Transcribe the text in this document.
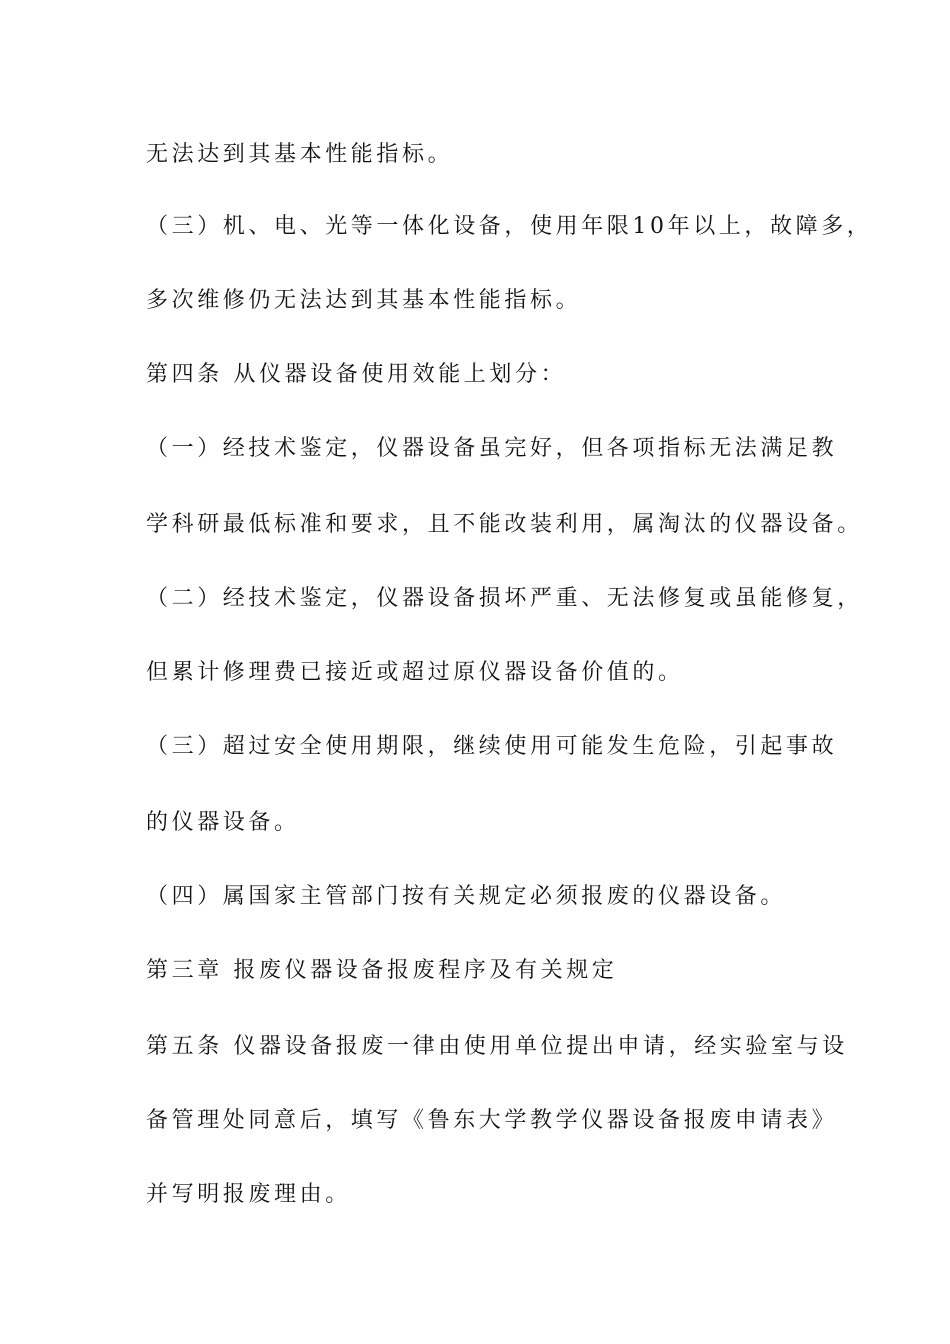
无法达到其基本性能指标。
（三）机、电、光等一体化设备，使用年限10年以上，故障多，
多次维修仍无法达到其基本性能指标。
第四条 从仪器设备使用效能上划分：
（一）经技术鉴定，仪器设备虽完好，但各项指标无法满足教
学科研最低标准和要求，且不能改装利用，属淘汰的仪器设备。
（二）经技术鉴定，仪器设备损坏严重、无法修复或虽能修复，
但累计修理费已接近或超过原仪器设备价值的。
（三）超过安全使用期限，继续使用可能发生危险，引起事故
的仪器设备。
（四）属国家主管部门按有关规定必须报废的仪器设备。
第三章 报废仪器设备报废程序及有关规定
第五条 仪器设备报废一律由使用单位提出申请，经实验室与设
备管理处同意后，填写《鲁东大学教学仪器设备报废申请表》
并写明报废理由。
